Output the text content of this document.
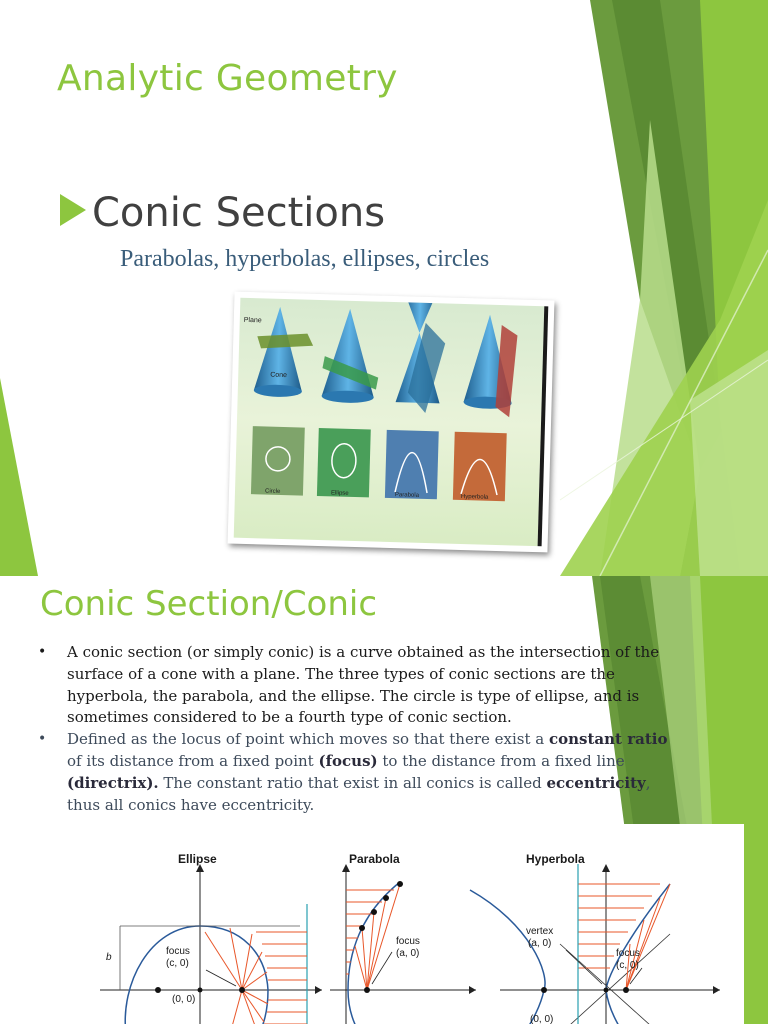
Analytic Geometry
Conic Sections
Parabolas, hyperbolas, ellipses, circles
Plane
Cone
Circle	Ellipse	Parabola	Hyperbola
Conic Section/Conic
• A conic section (or simply conic) is a curve obtained as the intersection of the surface of a cone with a plane. The three types of conic sections are the hyperbola, the parabola, and the ellipse. The circle is type of ellipse, and is sometimes considered to be a fourth type of conic section.
• Defined as the locus of point which moves so that there exist a constant ratio of its distance from a fixed point (focus) to the distance from a fixed line (directrix). The constant ratio that exist in all conics is called eccentricity, thus all conics have eccentricity.
Ellipse
b
focus
(c, 0)
(0, 0)
Parabola
focus
(a, 0)
Hyperbola
vertex
(a, 0)
focus
(c, 0)
(0, 0)
